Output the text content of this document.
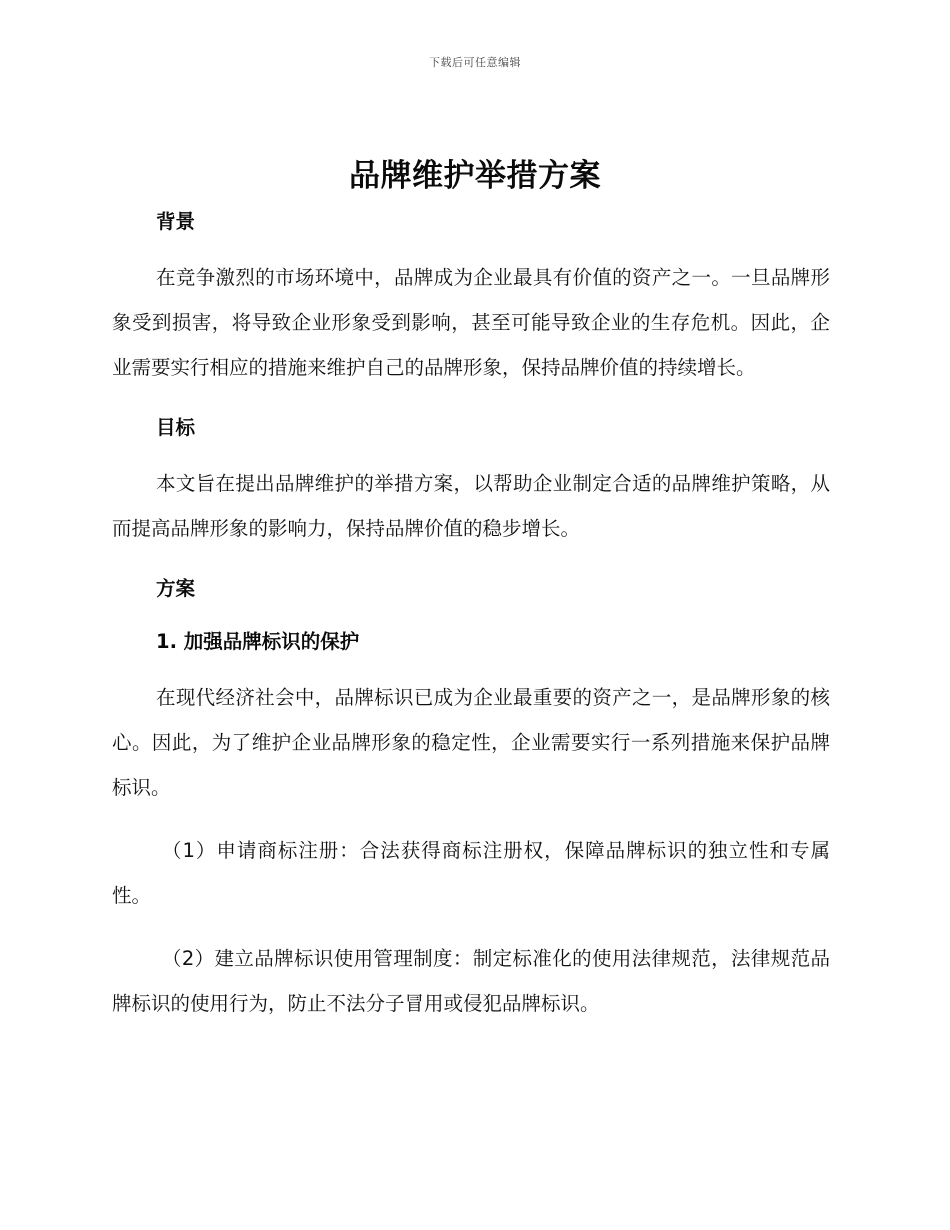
下载后可任意编辑
品牌维护举措方案
背景

在竞争激烈的市场环境中，品牌成为企业最具有价值的资产之一。一旦品牌形象受到损害，将导致企业形象受到影响，甚至可能导致企业的生存危机。因此，企业需要实行相应的措施来维护自己的品牌形象，保持品牌价值的持续增长。

目标

本文旨在提出品牌维护的举措方案，以帮助企业制定合适的品牌维护策略，从而提高品牌形象的影响力，保持品牌价值的稳步增长。

方案
1. 加强品牌标识的保护

在现代经济社会中，品牌标识已成为企业最重要的资产之一，是品牌形象的核心。因此，为了维护企业品牌形象的稳定性，企业需要实行一系列措施来保护品牌标识。

（1）申请商标注册：合法获得商标注册权，保障品牌标识的独立性和专属性。

（2）建立品牌标识使用管理制度：制定标准化的使用法律规范，法律规范品牌标识的使用行为，防止不法分子冒用或侵犯品牌标识。
